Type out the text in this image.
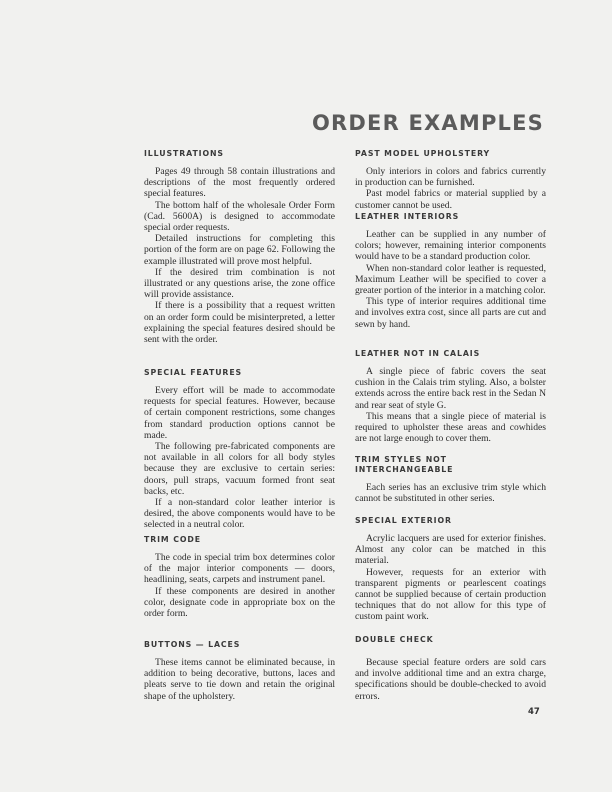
ORDER EXAMPLES
ILLUSTRATIONS

Pages 49 through 58 contain illustrations and descriptions of the most frequently ordered special features.

The bottom half of the wholesale Order Form (Cad. 5600A) is designed to accommodate special order requests.

Detailed instructions for completing this portion of the form are on page 62. Following the example illustrated will prove most helpful.

If the desired trim combination is not illustrated or any questions arise, the zone office will provide assistance.

If there is a possibility that a request written on an order form could be misinterpreted, a letter explaining the special features desired should be sent with the order.

SPECIAL FEATURES

Every effort will be made to accommodate requests for special features. However, because of certain component restrictions, some changes from standard production options cannot be made.

The following pre-fabricated components are not available in all colors for all body styles because they are exclusive to certain series: doors, pull straps, vacuum formed front seat backs, etc.

If a non-standard color leather interior is desired, the above components would have to be selected in a neutral color.

TRIM CODE

The code in special trim box determines color of the major interior components — doors, headlining, seats, carpets and instrument panel.

If these components are desired in another color, designate code in appropriate box on the order form.

BUTTONS — LACES

These items cannot be eliminated because, in addition to being decorative, buttons, laces and pleats serve to tie down and retain the original shape of the upholstery.

PAST MODEL UPHOLSTERY

Only interiors in colors and fabrics currently in production can be furnished.

Past model fabrics or material supplied by a customer cannot be used.

LEATHER INTERIORS

Leather can be supplied in any number of colors; however, remaining interior components would have to be a standard production color.

When non-standard color leather is requested, Maximum Leather will be specified to cover a greater portion of the interior in a matching color.

This type of interior requires additional time and involves extra cost, since all parts are cut and sewn by hand.

LEATHER NOT IN CALAIS

A single piece of fabric covers the seat cushion in the Calais trim styling. Also, a bolster extends across the entire back rest in the Sedan N and rear seat of style G.

This means that a single piece of material is required to upholster these areas and cowhides are not large enough to cover them.

TRIM STYLES NOT INTERCHANGEABLE

Each series has an exclusive trim style which cannot be substituted in other series.

SPECIAL EXTERIOR

Acrylic lacquers are used for exterior finishes. Almost any color can be matched in this material.

However, requests for an exterior with transparent pigments or pearlescent coatings cannot be supplied because of certain production techniques that do not allow for this type of custom paint work.

DOUBLE CHECK

Because special feature orders are sold cars and involve additional time and an extra charge, specifications should be double-checked to avoid errors.

47
